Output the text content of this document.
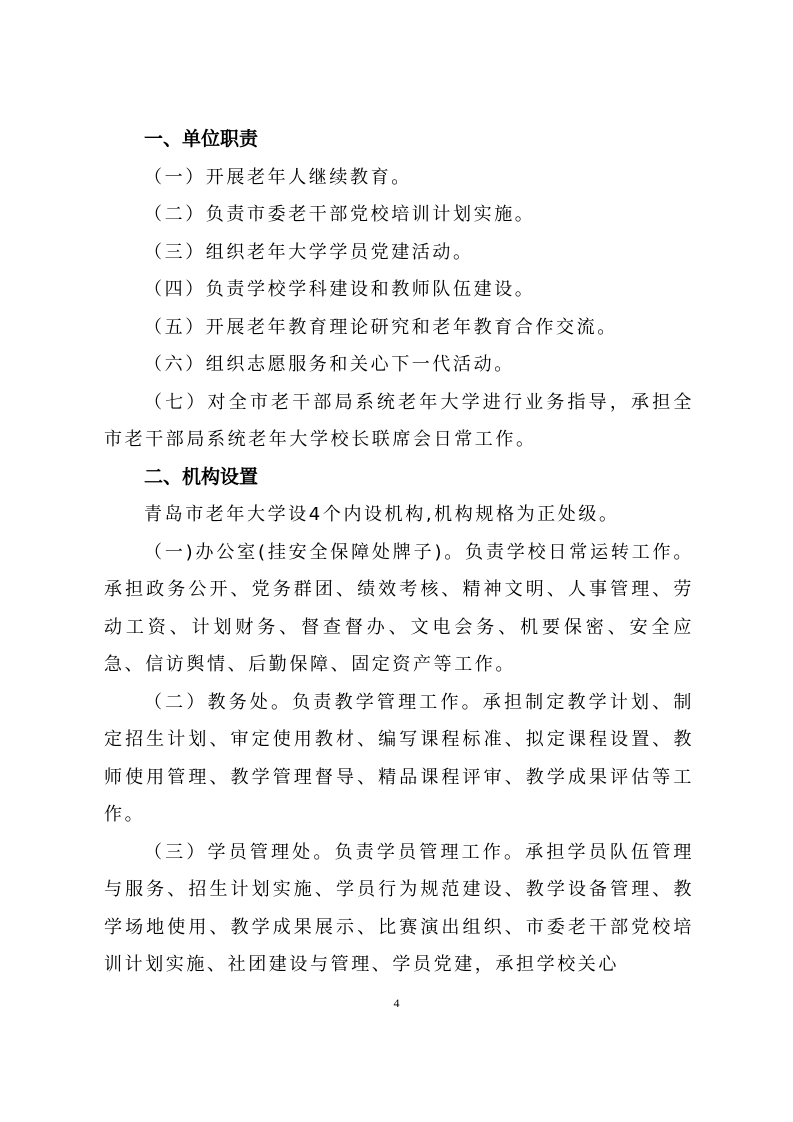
一、单位职责

（一）开展老年人继续教育。

（二）负责市委老干部党校培训计划实施。

（三）组织老年大学学员党建活动。

（四）负责学校学科建设和教师队伍建设。

（五）开展老年教育理论研究和老年教育合作交流。

（六）组织志愿服务和关心下一代活动。

（七）对全市老干部局系统老年大学进行业务指导，承担全市老干部局系统老年大学校长联席会日常工作。

二、机构设置

青岛市老年大学设4个内设机构,机构规格为正处级。

（一)办公室(挂安全保障处牌子)。负责学校日常运转工作。承担政务公开、党务群团、绩效考核、精神文明、人事管理、劳动工资、计划财务、督查督办、文电会务、机要保密、安全应急、信访舆情、后勤保障、固定资产等工作。

（二）教务处。负责教学管理工作。承担制定教学计划、制定招生计划、审定使用教材、编写课程标准、拟定课程设置、教师使用管理、教学管理督导、精品课程评审、教学成果评估等工作。

（三）学员管理处。负责学员管理工作。承担学员队伍管理与服务、招生计划实施、学员行为规范建设、教学设备管理、教学场地使用、教学成果展示、比赛演出组织、市委老干部党校培训计划实施、社团建设与管理、学员党建，承担学校关心

4
